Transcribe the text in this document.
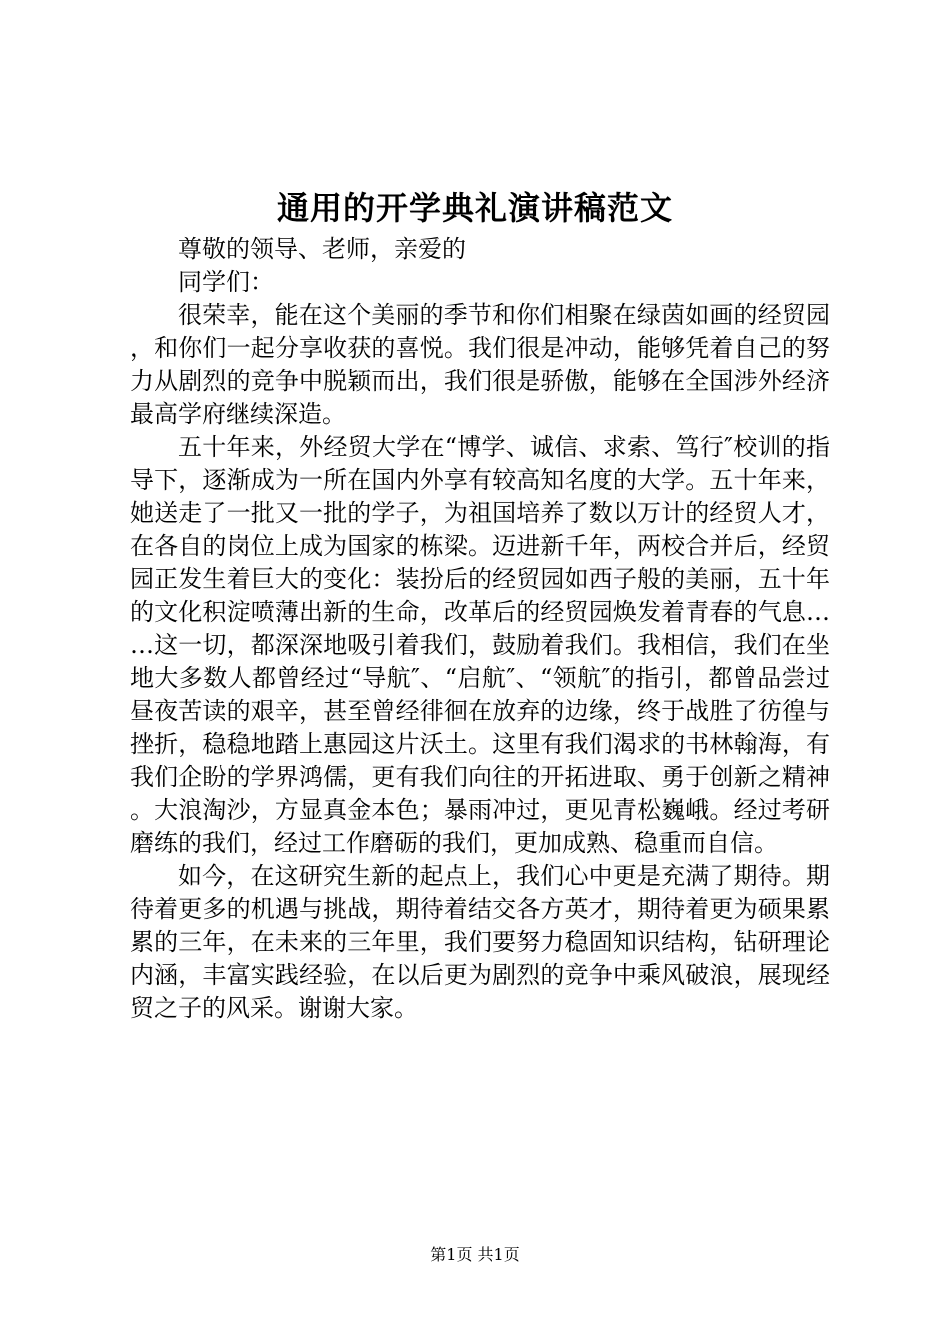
通用的开学典礼演讲稿范文

尊敬的领导、老师，亲爱的

同学们：

很荣幸，能在这个美丽的季节和你们相聚在绿茵如画的经贸园，和你们一起分享收获的喜悦。我们很是冲动，能够凭着自己的努力从剧烈的竞争中脱颖而出，我们很是骄傲，能够在全国涉外经济最高学府继续深造。

五十年来，外经贸大学在“博学、诚信、求索、笃行″校训的指导下，逐渐成为一所在国内外享有较高知名度的大学。五十年来，她送走了一批又一批的学子，为祖国培养了数以万计的经贸人才，在各自的岗位上成为国家的栋梁。迈进新千年，两校合并后，经贸园正发生着巨大的变化：装扮后的经贸园如西子般的美丽，五十年的文化积淀喷薄出新的生命，改革后的经贸园焕发着青春的气息……这一切，都深深地吸引着我们，鼓励着我们。我相信，我们在坐地大多数人都曾经过“导航″、“启航″、“领航″的指引，都曾品尝过昼夜苦读的艰辛，甚至曾经徘徊在放弃的边缘，终于战胜了彷徨与挫折，稳稳地踏上惠园这片沃土。这里有我们渴求的书林翰海，有我们企盼的学界鸿儒，更有我们向往的开拓进取、勇于创新之精神。大浪淘沙，方显真金本色；暴雨冲过，更见青松巍峨。经过考研磨练的我们，经过工作磨砺的我们，更加成熟、稳重而自信。

如今，在这研究生新的起点上，我们心中更是充满了期待。期待着更多的机遇与挑战，期待着结交各方英才，期待着更为硕果累累的三年，在未来的三年里，我们要努力稳固知识结构，钻研理论内涵，丰富实践经验，在以后更为剧烈的竞争中乘风破浪，展现经贸之子的风采。谢谢大家。

第1页 共1页
